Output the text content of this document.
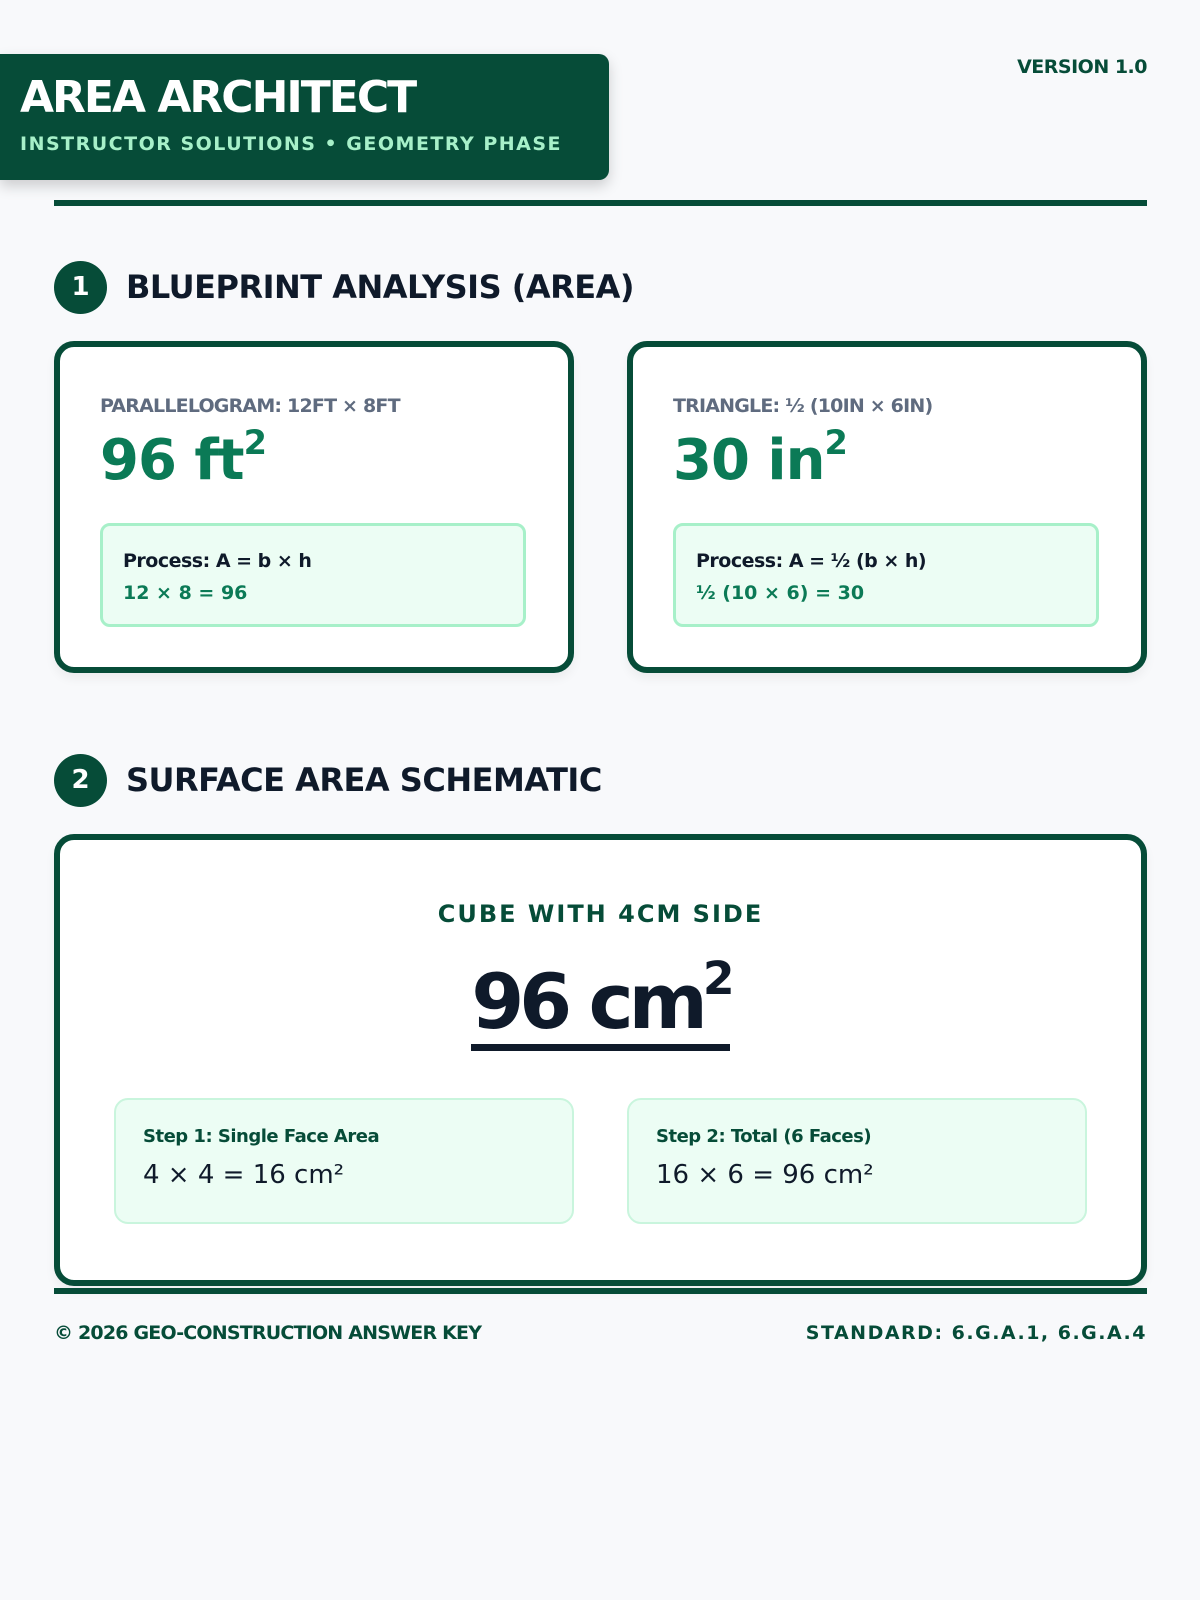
AREA ARCHITECT
INSTRUCTOR SOLUTIONS • GEOMETRY PHASE
VERSION 1.0
1	BLUEPRINT ANALYSIS (AREA)
PARALLELOGRAM: 12FT × 8FT
96 $ft^2$
Process: A = b × h
12 × 8 = 96
TRIANGLE: ½ (10IN × 6IN)
30 $in^2$
Process: A = ½ (b × h)
½ (10 × 6) = 30
2	SURFACE AREA SCHEMATIC
CUBE WITH 4CM SIDE
96 $cm^2$
Step 1: Single Face Area
4 × 4 = 16 cm²
Step 2: Total (6 Faces)
16 × 6 = 96 cm²
© 2026 GEO-CONSTRUCTION ANSWER KEY	STANDARD: 6.G.A.1, 6.G.A.4
